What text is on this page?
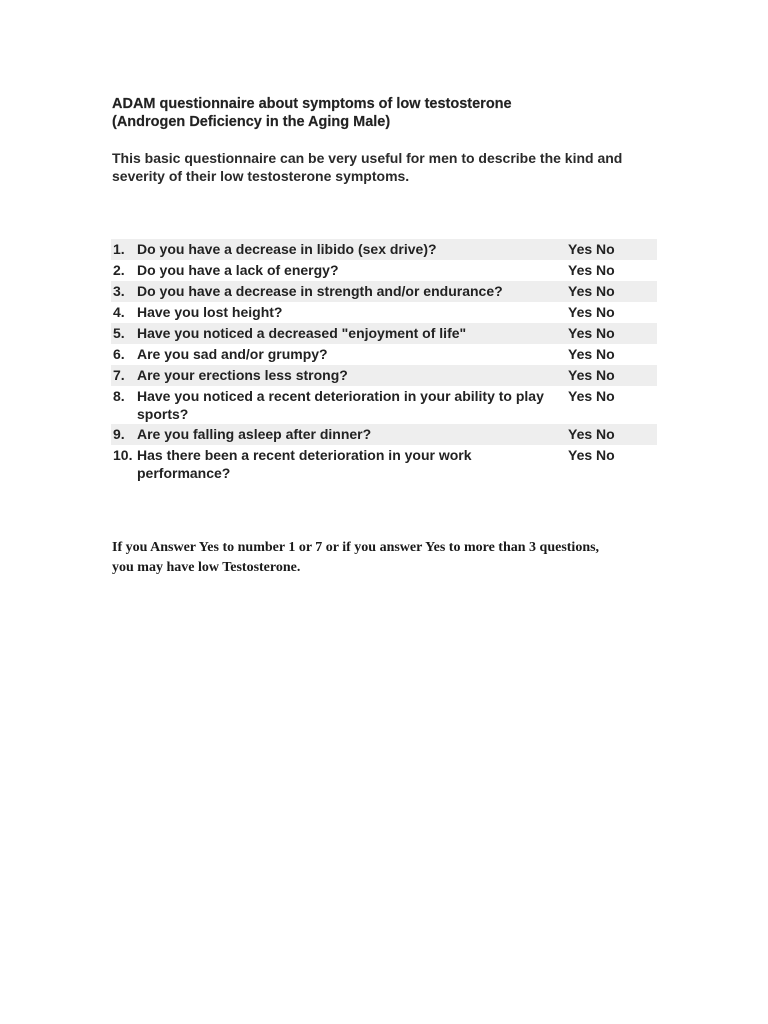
ADAM questionnaire about symptoms of low testosterone
(Androgen Deficiency in the Aging Male)
This basic questionnaire can be very useful for men to describe the kind and severity of their low testosterone symptoms.
1. Do you have a decrease in libido (sex drive)?	Yes No
2. Do you have a lack of energy?	Yes No
3. Do you have a decrease in strength and/or endurance?	Yes No
4. Have you lost height?	Yes No
5. Have you noticed a decreased "enjoyment of life"	Yes No
6. Are you sad and/or grumpy?	Yes No
7. Are your erections less strong?	Yes No
8. Have you noticed a recent deterioration in your ability to play sports?
Yes No
9. Are you falling asleep after dinner?	Yes No
10. Has there been a recent deterioration in your work performance?
Yes No
If you Answer Yes to number 1 or 7 or if you answer Yes to more than 3 questions,
you may have low Testosterone.
